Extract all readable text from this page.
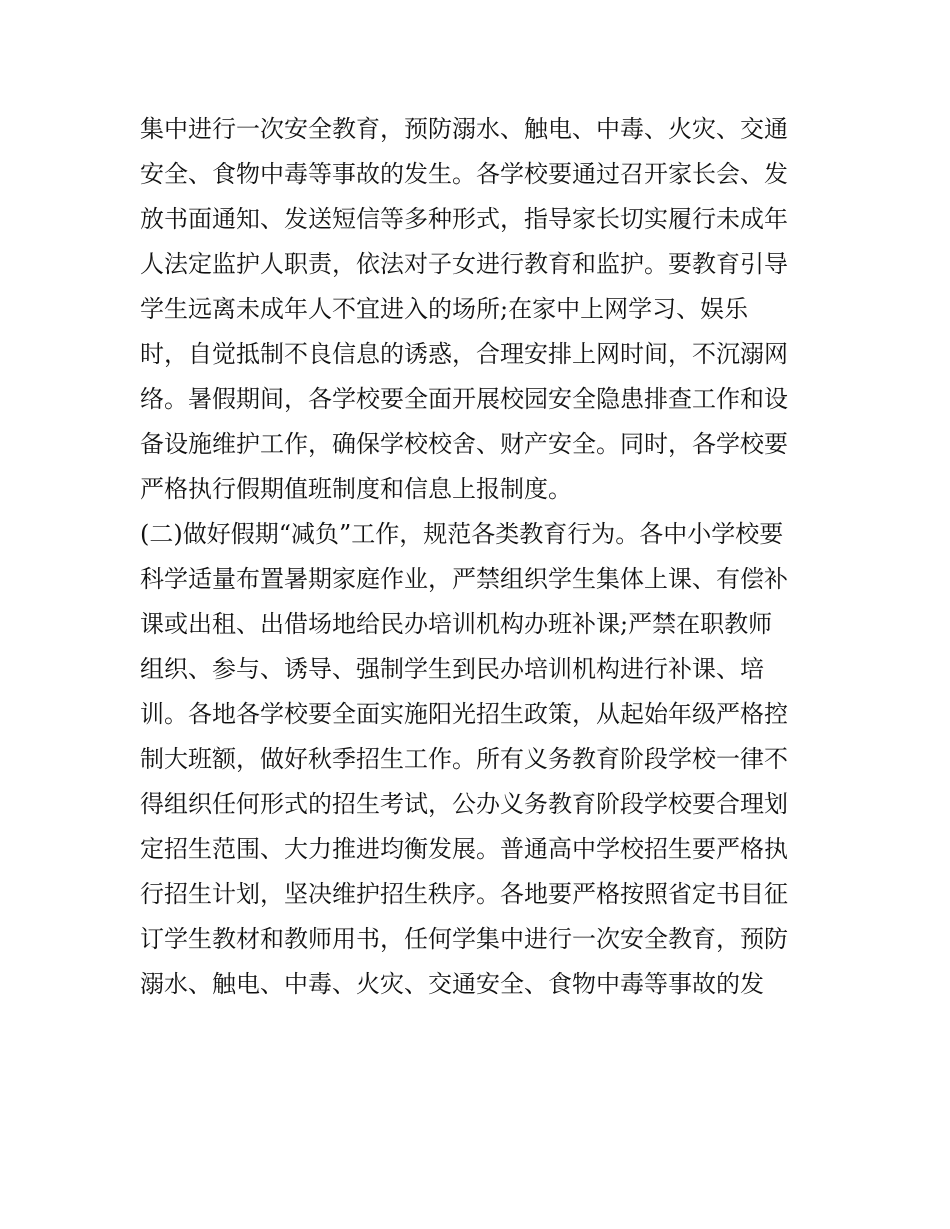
集中进行一次安全教育，预防溺水、触电、中毒、火灾、交通

安全、食物中毒等事故的发生。各学校要通过召开家长会、发

放书面通知、发送短信等多种形式，指导家长切实履行未成年

人法定监护人职责，依法对子女进行教育和监护。要教育引导

学生远离未成年人不宜进入的场所;在家中上网学习、娱乐

时，自觉抵制不良信息的诱惑，合理安排上网时间，不沉溺网

络。暑假期间，各学校要全面开展校园安全隐患排查工作和设

备设施维护工作，确保学校校舍、财产安全。同时，各学校要

严格执行假期值班制度和信息上报制度。

(二)做好假期“减负”工作，规范各类教育行为。各中小学校要

科学适量布置暑期家庭作业，严禁组织学生集体上课、有偿补

课或出租、出借场地给民办培训机构办班补课;严禁在职教师

组织、参与、诱导、强制学生到民办培训机构进行补课、培

训。各地各学校要全面实施阳光招生政策，从起始年级严格控

制大班额，做好秋季招生工作。所有义务教育阶段学校一律不

得组织任何形式的招生考试，公办义务教育阶段学校要合理划

定招生范围、大力推进均衡发展。普通高中学校招生要严格执

行招生计划，坚决维护招生秩序。各地要严格按照省定书目征

订学生教材和教师用书，任何学集中进行一次安全教育，预防

溺水、触电、中毒、火灾、交通安全、食物中毒等事故的发
